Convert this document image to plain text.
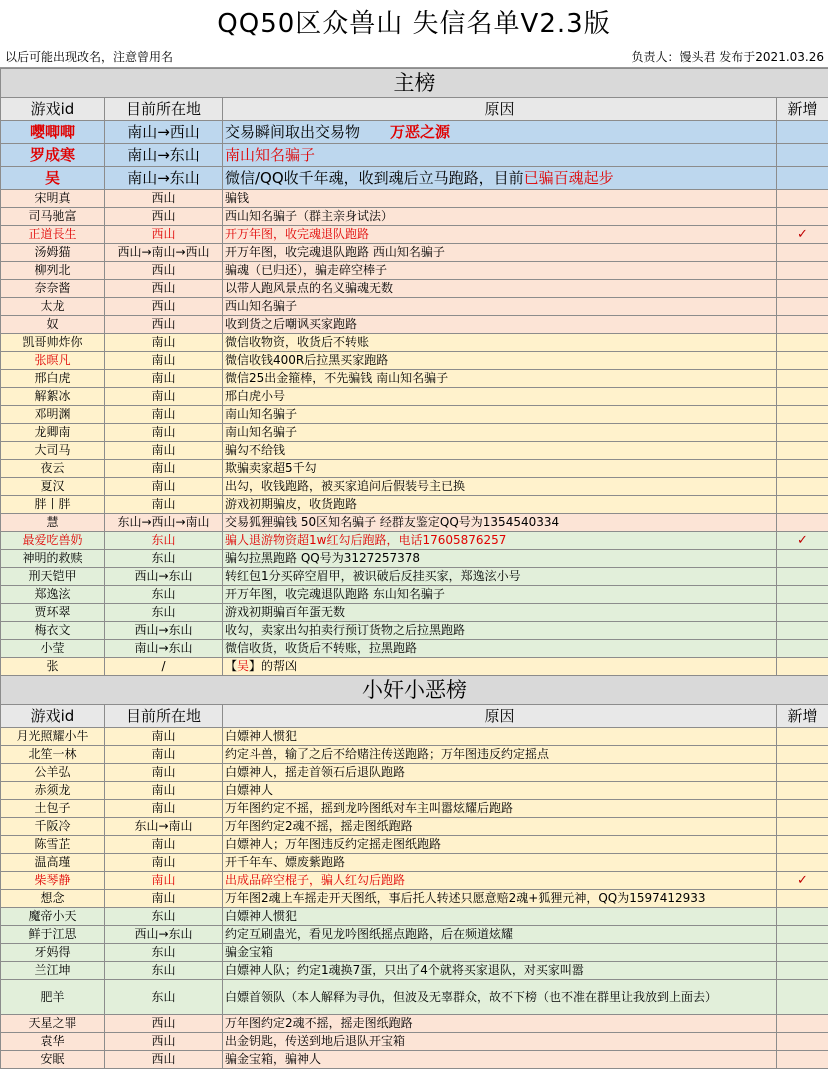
QQ50区众兽山 失信名单V2.3版
以后可能出现改名，注意曾用名	负责人：馒头君 发布于2021.03.26
主榜			
游戏id	目前所在地	原因	新增
嘤唧唧	南山→西山	交易瞬间取出交易物 万恶之源	
罗成寒	南山→东山	南山知名骗子	
吴	南山→东山	微信/QQ收千年魂，收到魂后立马跑路，目前已骗百魂起步	
宋明真	西山	骗钱	
司马驰富	西山	西山知名骗子（群主亲身试法）	
正道長生	西山	开万年图，收完魂退队跑路	✓
汤姆猫	西山→南山→西山	开万年图，收完魂退队跑路 西山知名骗子	
柳列北	西山	骗魂（已归还），骗走碎空棒子	
奈奈酱	西山	以带人跑风景点的名义骗魂无数	
太龙	西山	西山知名骗子	
奴	西山	收到货之后嘲讽买家跑路	
凯哥帅炸你	南山	微信收物资，收货后不转账	
张暝凡	南山	微信收钱400R后拉黑买家跑路	
邢白虎	南山	微信25出金箍棒，不先骗钱 南山知名骗子	
解絮冰	南山	邢白虎小号	
邓明渊	南山	南山知名骗子	
龙卿南	南山	南山知名骗子	
大司马	南山	骗勾不给钱	
夜云	南山	欺骗卖家超5千勾	
夏汉	南山	出勾，收钱跑路，被买家追问后假装号主已换	
胖丨胖	南山	游戏初期骗皮，收货跑路	
慧	东山→西山→南山	交易狐狸骗钱 50区知名骗子 经群友鉴定QQ号为1354540334	
最爱吃兽奶	东山	骗人退游物资超1w红勾后跑路，电话17605876257	✓
神明的救赎	东山	骗勾拉黑跑路 QQ号为3127257378	
刑天铠甲	西山→东山	转红包1分买碎空眉甲，被识破后反挂买家，郑逸泫小号	
郑逸泫	东山	开万年图，收完魂退队跑路 东山知名骗子	
贾环翠	东山	游戏初期骗百年蛋无数	
梅衣文	西山→东山	收勾，卖家出勾拍卖行预订货物之后拉黑跑路	
小莹	南山→东山	微信收货，收货后不转账，拉黑跑路	
张	/	【吴】的帮凶	
小奸小恶榜			
游戏id	目前所在地	原因	新增
月光照耀小牛	南山	白嫖神人惯犯	
北笙一林	南山	约定斗兽，输了之后不给赌注传送跑路；万年图违反约定摇点	
公羊弘	南山	白嫖神人，摇走首领石后退队跑路	
赤须龙	南山	白嫖神人	
土包子	南山	万年图约定不摇，摇到龙吟图纸对车主叫嚣炫耀后跑路	
千阪冷	东山→南山	万年图约定2魂不摇，摇走图纸跑路	
陈雪芷	南山	白嫖神人；万年图违反约定摇走图纸跑路	
温高瑾	南山	开千年车、嫖废紫跑路	
柴琴静	南山	出成品碎空棍子，骗人红勾后跑路	✓
想念	南山	万年图2魂上车摇走开天图纸，事后托人转述只愿意赔2魂+狐狸元神，QQ为1597412933	
魔帝小天	东山	白嫖神人惯犯	
鲜于江思	西山→东山	约定互刷蛊光，看见龙吟图纸摇点跑路，后在频道炫耀	
牙妈得	东山	骗金宝箱	
兰江坤	东山	白嫖神人队；约定1魂换7蛋，只出了4个就将买家退队，对买家叫嚣	
肥羊	东山	白嫖首领队（本人解释为寻仇，但波及无辜群众，故不下榜（也不准在群里让我放到上面去）	
天星之罪	西山	万年图约定2魂不摇，摇走图纸跑路	
袁华	西山	出金钥匙，传送到地后退队开宝箱	
安眠	西山	骗金宝箱，骗神人	
